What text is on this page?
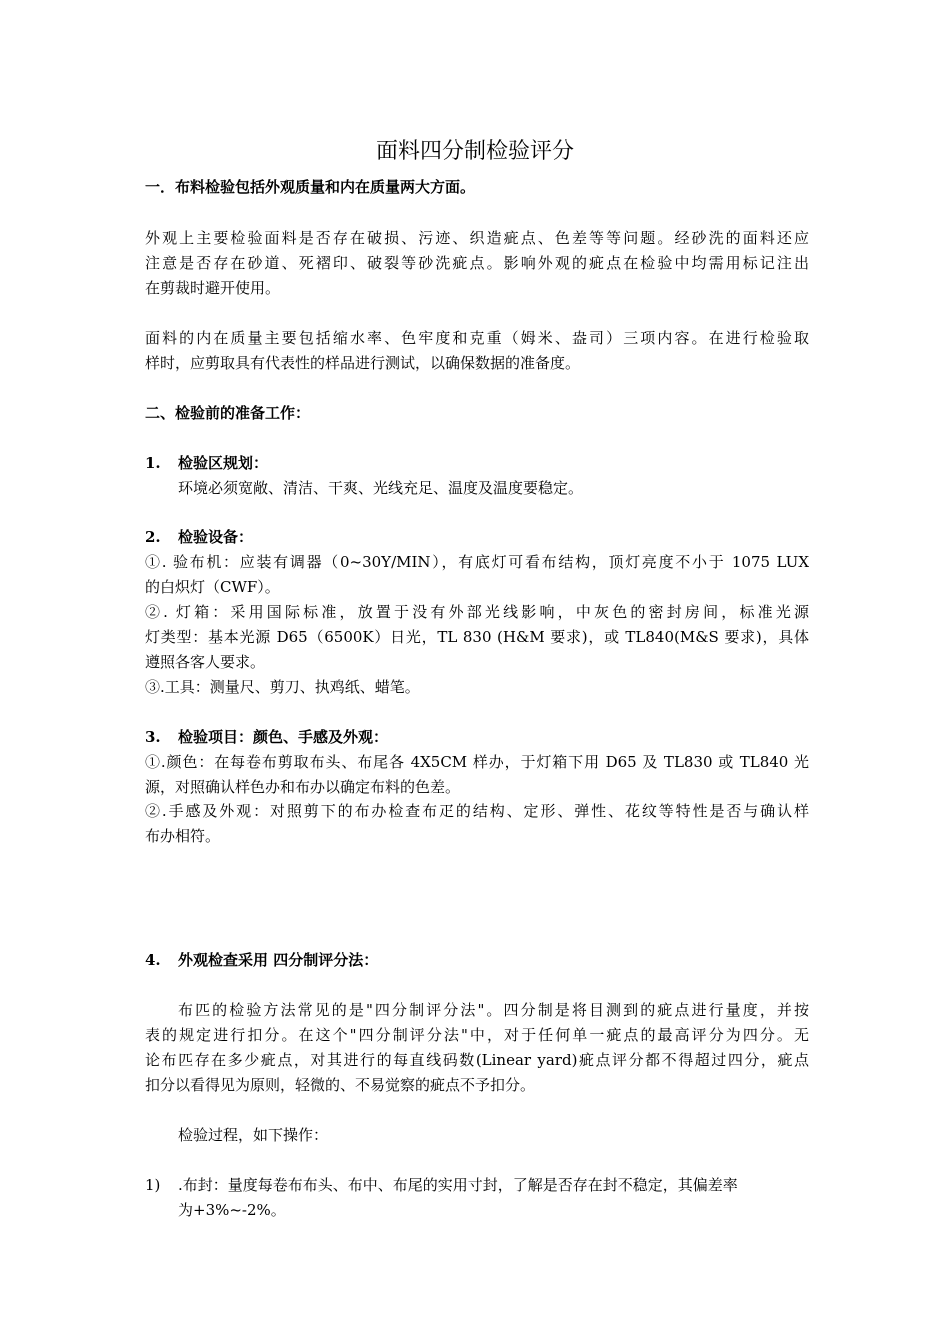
面料四分制检验评分
一．布料检验包括外观质量和内在质量两大方面。
外观上主要检验面料是否存在破损、污迹、织造疵点、色差等等问题。经砂洗的面料还应
注意是否存在砂道、死褶印、破裂等砂洗疵点。影响外观的疵点在检验中均需用标记注出
在剪裁时避开使用。
面料的内在质量主要包括缩水率、色牢度和克重（姆米、盎司）三项内容。在进行检验取
样时，应剪取具有代表性的样品进行测试，以确保数据的准备度。
二、检验前的准备工作：
1. 检验区规划：
环境必须宽敞、清洁、干爽、光线充足、温度及温度要稳定。
2. 检验设备：
①. 验布机：应装有调器（0~30Y/MIN），有底灯可看布结构，顶灯亮度不小于 1075 LUX
的白炽灯（CWF）。
②. 灯箱：采用国际标准，放置于没有外部光线影响，中灰色的密封房间，标准光源
灯类型：基本光源 D65（6500K）日光，TL 830 (H&M 要求)，或 TL840(M&S 要求)，具体
遵照各客人要求。
③.工具：测量尺、剪刀、执鸡纸、蜡笔。
3. 检验项目：颜色、手感及外观：
①.颜色：在每卷布剪取布头、布尾各 4X5CM 样办，于灯箱下用 D65 及 TL830 或 TL840 光
源，对照确认样色办和布办以确定布料的色差。
②.手感及外观：对照剪下的布办检查布疋的结构、定形、弹性、花纹等特性是否与确认样
布办相符。
4. 外观检查采用 四分制评分法：
布匹的检验方法常见的是"四分制评分法"。四分制是将目测到的疵点进行量度，并按
表的规定进行扣分。在这个"四分制评分法"中，对于任何单一疵点的最高评分为四分。无
论布匹存在多少疵点，对其进行的每直线码数(Linear yard)疵点评分都不得超过四分，疵点
扣分以看得见为原则，轻微的、不易觉察的疵点不予扣分。
检验过程，如下操作：
1) .布封：量度每卷布布头、布中、布尾的实用寸封，了解是否存在封不稳定，其偏差率
为+3%~-2%。
